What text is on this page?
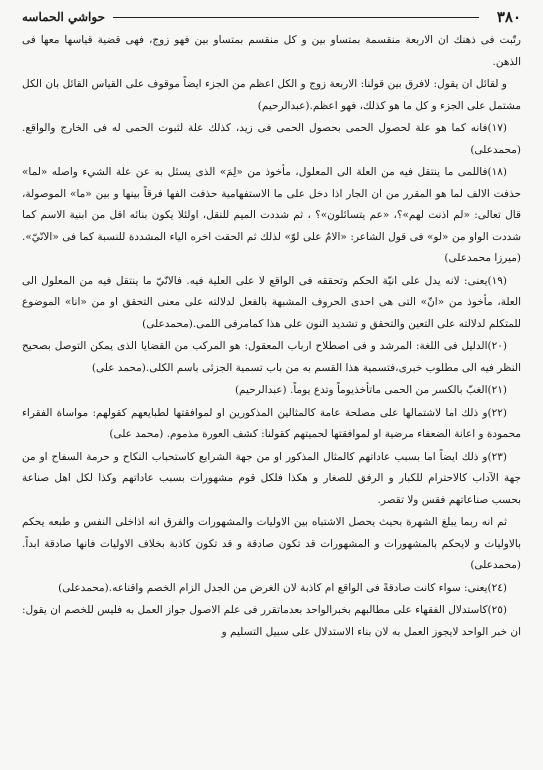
٣٨٠
حواشي الحماسه

رتّبت فى ذهنك ان الاربعة منقسمة بمتساو بين و كل منقسم بمتساو بين فهو زوج، فهى قضية قياسها معها فى الذهن.

و لقائل ان يقول: لافرق بين قولنا: الاربعة زوج و الكل اعظم من الجزء ايضاً موقوف على القياس القائل بان الكل مشتمل على الجزء و كل ما هو كذلك، فهو اعظم.(عبدالرحيم)

(١٧)فانه كما هو علة لحصول الحمى بحصول الحمى فى زيد، كذلك علة لثبوت الحمى له فى الخارج والواقع.(محمدعلى)

(١٨)فاللمى ما ينتقل فيه من العلة الى المعلول، مأخوذ من «لِمَ» الذى يسئل به عن علة الشيء واصله «لما» حذفت الالف لما هو المقرر من ان الجار اذا دخل على ما الاستفهامية حذفت الفها فرقاً بينها و بين «ما» الموصولة، قال تعالى: «لم اذنت لهم»؟، «عم يتسائلون»؟ ، ثم شددت الميم للنقل، اولئلا يكون بنائه اقل من ابنية الاسم كما شددت الواو من «لو» فى قول الشاعر: «الامُ على لوّ» لذلك ثم الحقت اخره الياء المشددة للنسبة كما فى «الانّيّ». (ميرزا محمدعلى)

(١٩)يعنى: لانه يدل على انيّة الحكم وتحققه فى الواقع لا على العلية فيه. فالانّيّ ما ينتقل فيه من المعلول الى العلة، مأخوذ من «انّ» التى هى احدى الحروف المشبهة بالفعل لدلالته على معنى التحقق او من «انا» الموضوع للمتكلم لدلالته على التعين والتحقق و تشديد النون على هذا كمامرفى اللمى.(محمدعلى)

(٢٠)الدليل فى اللغة: المرشد و فى اصطلاح ارباب المعقول: هو المركب من القضايا الذى يمكن التوصل بصحيح النظر فيه الى مطلوب خبرى،فتسمية هذا القسم به من باب تسمية الجزئى باسم الكلى.(محمد على)

(٢١)الغبّ بالكسر من الحمى ماتأخذيوماً وتدع يوماً. (عبدالرحيم)

(٢٢)و ذلك اما لاشتمالها على مصلحة عامة كالمثالين المذكورين او لموافقتها لطبايعهم كقولهم: مواساة الفقراء محمودة و اعانة الضعفاء مرضية او لموافقتها لحميتهم كقولنا: كشف العورة مذموم. (محمد على)

(٢٣)و ذلك ايضاً اما بسبب عاداتهم كالمثال المذكور او من جهة الشرايع كاستحباب النكاح و حرمة السفاح او من جهة الآداب كالاحترام للكبار و الرفق للصغار و هكذا فلكل قوم مشهورات بسبب عاداتهم وكذا لكل اهل صناعة بحسب صناعاتهم فقس ولا تقصر.

ثم انه ربما يبلغ الشهرة بحيث يحصل الاشتباه بين الاوليات والمشهورات والفرق انه اذاخلى النفس و طبعه يحكم بالاوليات و لايحكم بالمشهورات و المشهورات قد تكون صادقة و قد تكون كاذبة بخلاف الاوليات فانها صادقة ابداً.(محمدعلى)

(٢٤)يعنى: سواء كانت صادقةً فى الواقع ام كاذبة لان الغرض من الجدل الزام الخصم واقناعه.(محمدعلى)

(٢٥)كاستدلال الفقهاء على مطالبهم بخبرالواحد بعدماتقرر فى علم الاصول جواز العمل به فليس للخصم ان يقول: ان خبر الواحد لايجوز العمل به لان بناء الاستدلال على سبيل التسليم و
